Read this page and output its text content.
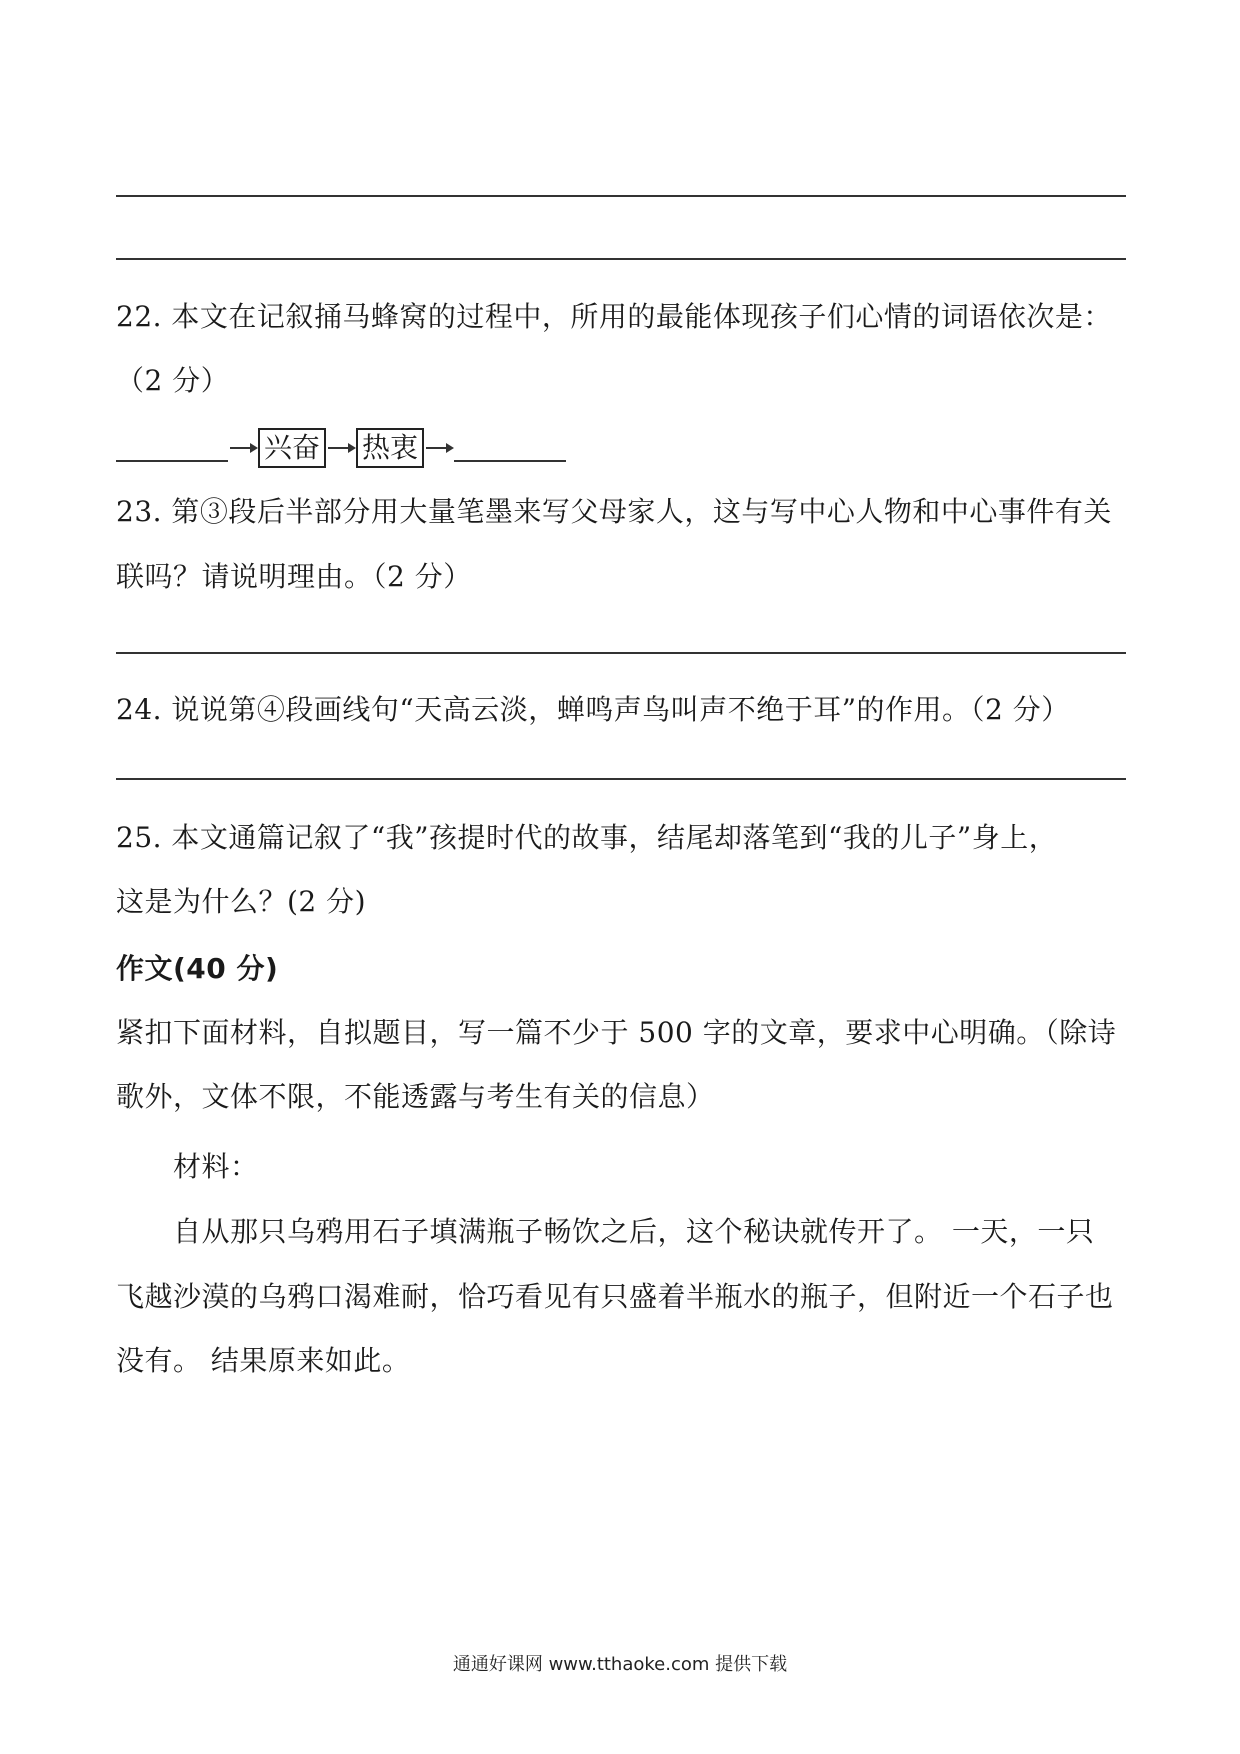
22. 本文在记叙捅马蜂窝的过程中，所用的最能体现孩子们心情的词语依次是：
（2 分）
兴奋 热衷
23. 第③段后半部分用大量笔墨来写父母家人，这与写中心人物和中心事件有关
联吗？请说明理由。（2 分）
24. 说说第④段画线句“天高云淡，蝉鸣声鸟叫声不绝于耳”的作用。（2 分）
25. 本文通篇记叙了“我”孩提时代的故事，结尾却落笔到“我的儿子”身上，
这是为什么？(2 分)
作文(40 分)
紧扣下面材料，自拟题目，写一篇不少于 500 字的文章，要求中心明确。（除诗
歌外，文体不限，不能透露与考生有关的信息）
材料：
自从那只乌鸦用石子填满瓶子畅饮之后，这个秘诀就传开了。 一天，一只
飞越沙漠的乌鸦口渴难耐，恰巧看见有只盛着半瓶水的瓶子，但附近一个石子也
没有。 结果原来如此。
通通好课网 www.tthaoke.com 提供下载
